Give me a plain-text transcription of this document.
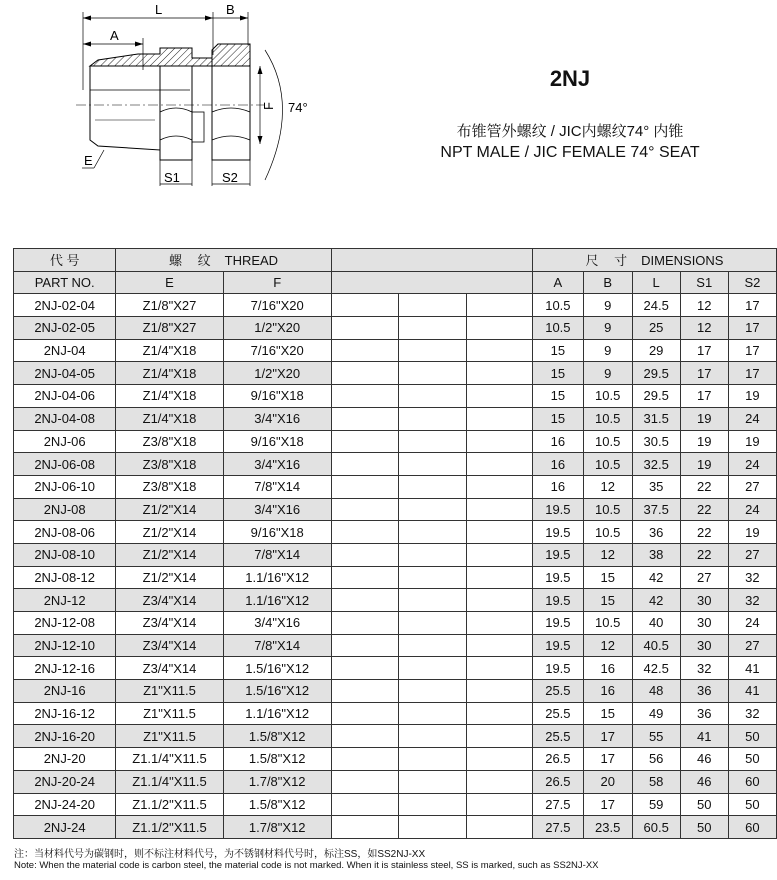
L	B
A
F 74°
E
S1	S2
2NJ
布锥管外螺纹 / JIC内螺纹74° 内锥
NPT MALE / JIC FEMALE 74° SEAT
代 号	螺 纹 THREAD					尺 寸 DIMENSIONS				
PART NO.	E	F				A	B	L	S1	S2
2NJ-02-04	Z1/8"X27	7/16"X20				10.5	9	24.5	12	17
2NJ-02-05	Z1/8"X27	1/2"X20				10.5	9	25	12	17
2NJ-04	Z1/4"X18	7/16"X20				15	9	29	17	17
2NJ-04-05	Z1/4"X18	1/2"X20				15	9	29.5	17	17
2NJ-04-06	Z1/4"X18	9/16"X18				15	10.5	29.5	17	19
2NJ-04-08	Z1/4"X18	3/4"X16				15	10.5	31.5	19	24
2NJ-06	Z3/8"X18	9/16"X18				16	10.5	30.5	19	19
2NJ-06-08	Z3/8"X18	3/4"X16				16	10.5	32.5	19	24
2NJ-06-10	Z3/8"X18	7/8"X14				16	12	35	22	27
2NJ-08	Z1/2"X14	3/4"X16				19.5	10.5	37.5	22	24
2NJ-08-06	Z1/2"X14	9/16"X18				19.5	10.5	36	22	19
2NJ-08-10	Z1/2"X14	7/8"X14				19.5	12	38	22	27
2NJ-08-12	Z1/2"X14	1.1/16"X12				19.5	15	42	27	32
2NJ-12	Z3/4"X14	1.1/16"X12				19.5	15	42	30	32
2NJ-12-08	Z3/4"X14	3/4"X16				19.5	10.5	40	30	24
2NJ-12-10	Z3/4"X14	7/8"X14				19.5	12	40.5	30	27
2NJ-12-16	Z3/4"X14	1.5/16"X12				19.5	16	42.5	32	41
2NJ-16	Z1"X11.5	1.5/16"X12				25.5	16	48	36	41
2NJ-16-12	Z1"X11.5	1.1/16"X12				25.5	15	49	36	32
2NJ-16-20	Z1"X11.5	1.5/8"X12				25.5	17	55	41	50
2NJ-20	Z1.1/4"X11.5	1.5/8"X12				26.5	17	56	46	50
2NJ-20-24	Z1.1/4"X11.5	1.7/8"X12				26.5	20	58	46	60
2NJ-24-20	Z1.1/2"X11.5	1.5/8"X12				27.5	17	59	50	50
2NJ-24	Z1.1/2"X11.5	1.7/8"X12				27.5	23.5	60.5	50	60
注：当材料代号为碳钢时，则不标注材料代号，为不锈钢材料代号时，标注SS，如SS2NJ-XX
Note: When the material code is carbon steel, the material code is not marked. When it is stainless steel, SS is marked, such as SS2NJ-XX
